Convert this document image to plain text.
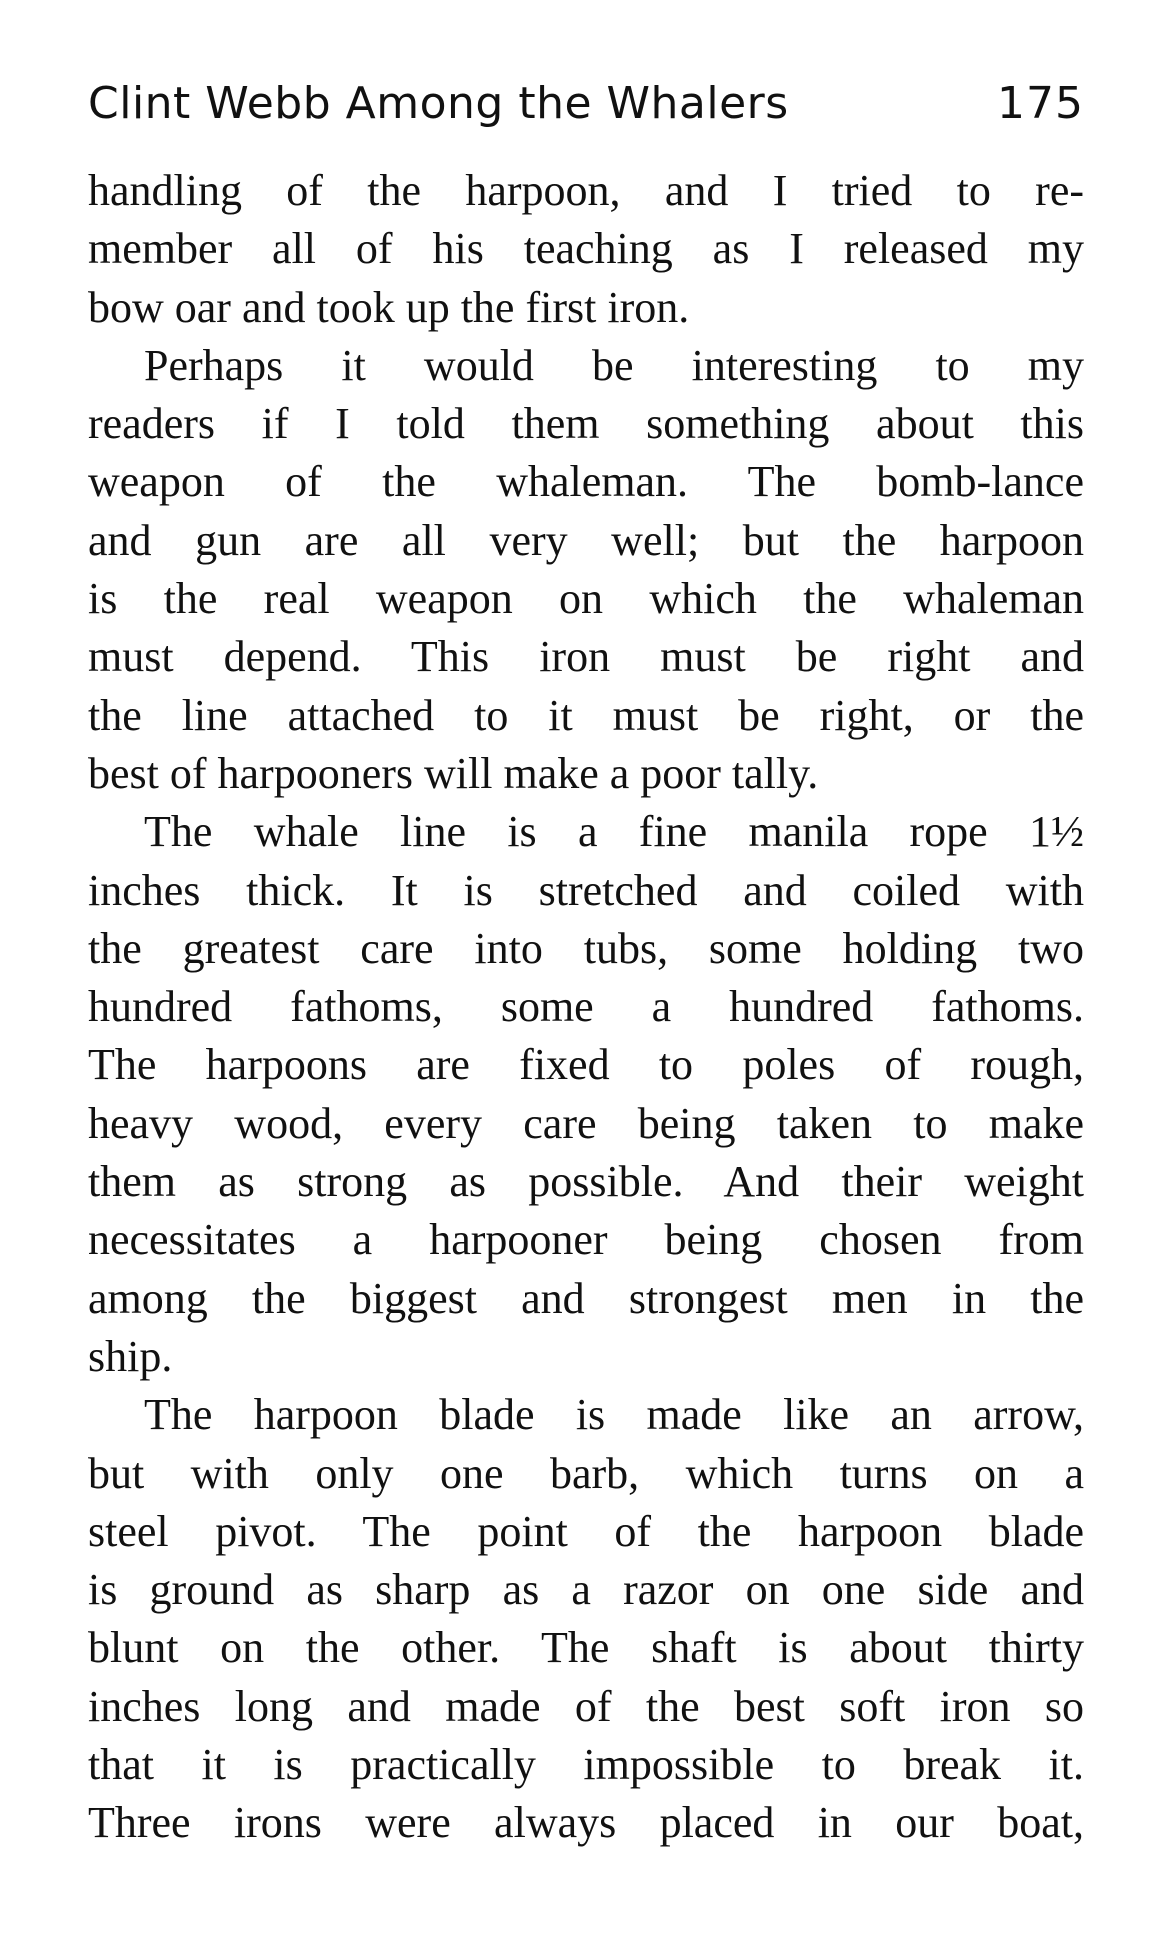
Clint Webb Among the Whalers	175
handling of the harpoon, and I tried to re-
member all of his teaching as I released my
bow oar and took up the first iron.
Perhaps it would be interesting to my
readers if I told them something about this
weapon of the whaleman. The bomb-lance
and gun are all very well; but the harpoon
is the real weapon on which the whaleman
must depend. This iron must be right and
the line attached to it must be right, or the
best of harpooners will make a poor tally.
The whale line is a fine manila rope 1½
inches thick. It is stretched and coiled with
the greatest care into tubs, some holding two
hundred fathoms, some a hundred fathoms.
The harpoons are fixed to poles of rough,
heavy wood, every care being taken to make
them as strong as possible. And their weight
necessitates a harpooner being chosen from
among the biggest and strongest men in the
ship.
The harpoon blade is made like an arrow,
but with only one barb, which turns on a
steel pivot. The point of the harpoon blade
is ground as sharp as a razor on one side and
blunt on the other. The shaft is about thirty
inches long and made of the best soft iron so
that it is practically impossible to break it.
Three irons were always placed in our boat,
